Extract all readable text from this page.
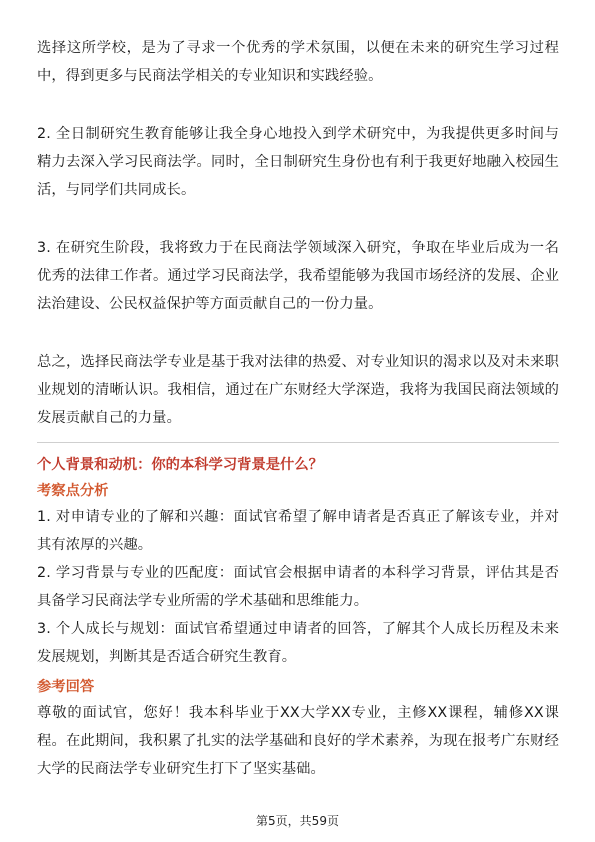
选择这所学校，是为了寻求一个优秀的学术氛围，以便在未来的研究生学习过程中，得到更多与民商法学相关的专业知识和实践经验。

2. 全日制研究生教育能够让我全身心地投入到学术研究中，为我提供更多时间与精力去深入学习民商法学。同时，全日制研究生身份也有利于我更好地融入校园生活，与同学们共同成长。

3. 在研究生阶段，我将致力于在民商法学领域深入研究，争取在毕业后成为一名优秀的法律工作者。通过学习民商法学，我希望能够为我国市场经济的发展、企业法治建设、公民权益保护等方面贡献自己的一份力量。

总之，选择民商法学专业是基于我对法律的热爱、对专业知识的渴求以及对未来职业规划的清晰认识。我相信，通过在广东财经大学深造，我将为我国民商法领域的发展贡献自己的力量。

个人背景和动机：你的本科学习背景是什么？

考察点分析

1. 对申请专业的了解和兴趣：面试官希望了解申请者是否真正了解该专业，并对其有浓厚的兴趣。

2. 学习背景与专业的匹配度：面试官会根据申请者的本科学习背景，评估其是否具备学习民商法学专业所需的学术基础和思维能力。

3. 个人成长与规划：面试官希望通过申请者的回答，了解其个人成长历程及未来发展规划，判断其是否适合研究生教育。

参考回答

尊敬的面试官，您好！我本科毕业于XX大学XX专业，主修XX课程，辅修XX课程。在此期间，我积累了扎实的法学基础和良好的学术素养，为现在报考广东财经大学的民商法学专业研究生打下了坚实基础。

第5页，共59页
